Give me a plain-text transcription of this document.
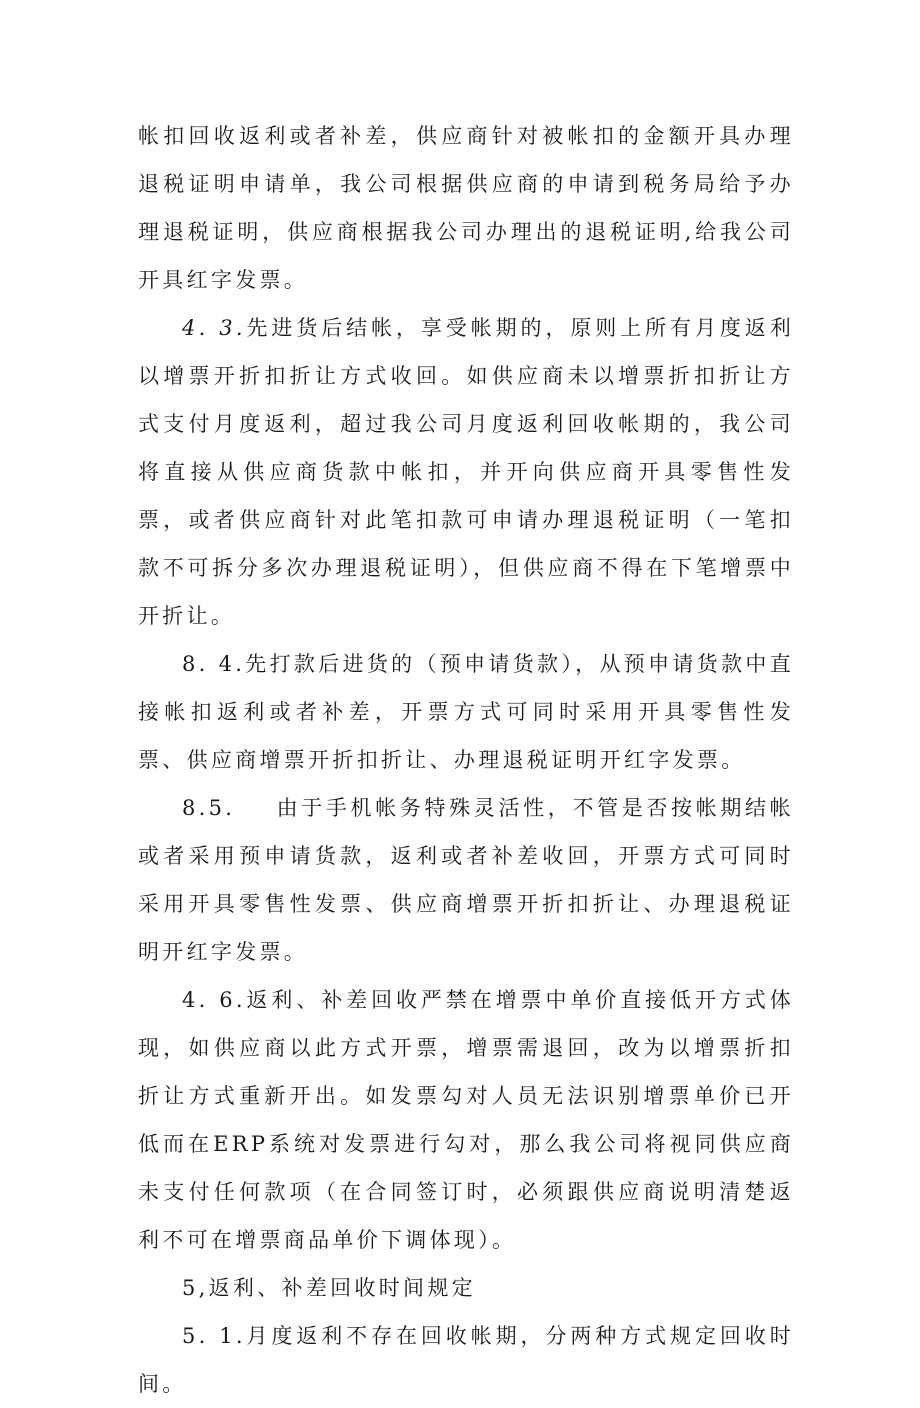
帐扣回收返利或者补差，供应商针对被帐扣的金额开具办理退税证明申请单，我公司根据供应商的申请到税务局给予办理退税证明，供应商根据我公司办理出的退税证明,给我公司开具红字发票。

4. 3.先进货后结帐，享受帐期的，原则上所有月度返利以增票开折扣折让方式收回。如供应商未以增票折扣折让方式支付月度返利，超过我公司月度返利回收帐期的，我公司将直接从供应商货款中帐扣，并开向供应商开具零售性发票，或者供应商针对此笔扣款可申请办理退税证明（一笔扣款不可拆分多次办理退税证明），但供应商不得在下笔增票中开折让。

8. 4.先打款后进货的（预申请货款），从预申请货款中直接帐扣返利或者补差，开票方式可同时采用开具零售性发票、供应商增票开折扣折让、办理退税证明开红字发票。

8.5.    由于手机帐务特殊灵活性，不管是否按帐期结帐或者采用预申请货款，返利或者补差收回，开票方式可同时采用开具零售性发票、供应商增票开折扣折让、办理退税证明开红字发票。

4. 6.返利、补差回收严禁在增票中单价直接低开方式体现，如供应商以此方式开票，增票需退回，改为以增票折扣折让方式重新开出。如发票勾对人员无法识别增票单价已开低而在ERP系统对发票进行勾对，那么我公司将视同供应商未支付任何款项（在合同签订时，必须跟供应商说明清楚返利不可在增票商品单价下调体现）。

5,返利、补差回收时间规定

5. 1.月度返利不存在回收帐期，分两种方式规定回收时间。
